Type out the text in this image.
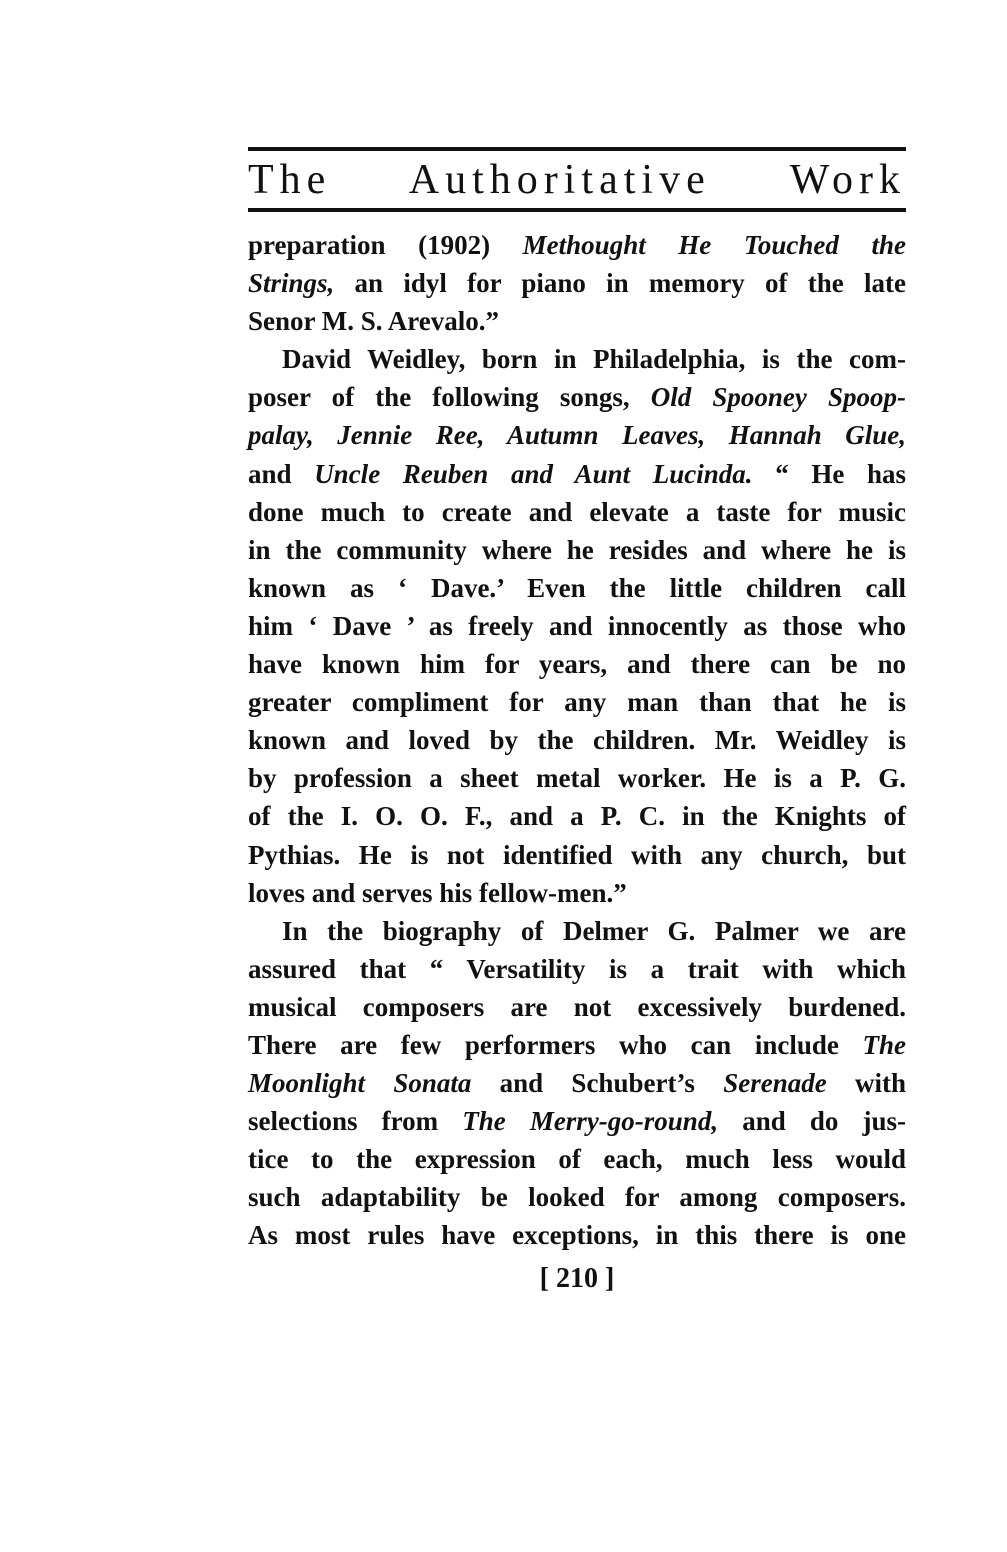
The Authoritative Work
preparation (1902) Methought He Touched the
Strings, an idyl for piano in memory of the late
Senor M. S. Arevalo.”
David Weidley, born in Philadelphia, is the com-
poser of the following songs, Old Spooney Spoop-
palay, Jennie Ree, Autumn Leaves, Hannah Glue,
and Uncle Reuben and Aunt Lucinda. “ He has
done much to create and elevate a taste for music
in the community where he resides and where he is
known as ‘ Dave.’ Even the little children call
him ‘ Dave ’ as freely and innocently as those who
have known him for years, and there can be no
greater compliment for any man than that he is
known and loved by the children. Mr. Weidley is
by profession a sheet metal worker. He is a P. G.
of the I. O. O. F., and a P. C. in the Knights of
Pythias. He is not identified with any church, but
loves and serves his fellow-men.”
In the biography of Delmer G. Palmer we are
assured that “ Versatility is a trait with which
musical composers are not excessively burdened.
There are few performers who can include The
Moonlight Sonata and Schubert’s Serenade with
selections from The Merry-go-round, and do jus-
tice to the expression of each, much less would
such adaptability be looked for among composers.
As most rules have exceptions, in this there is one
[ 210 ]
